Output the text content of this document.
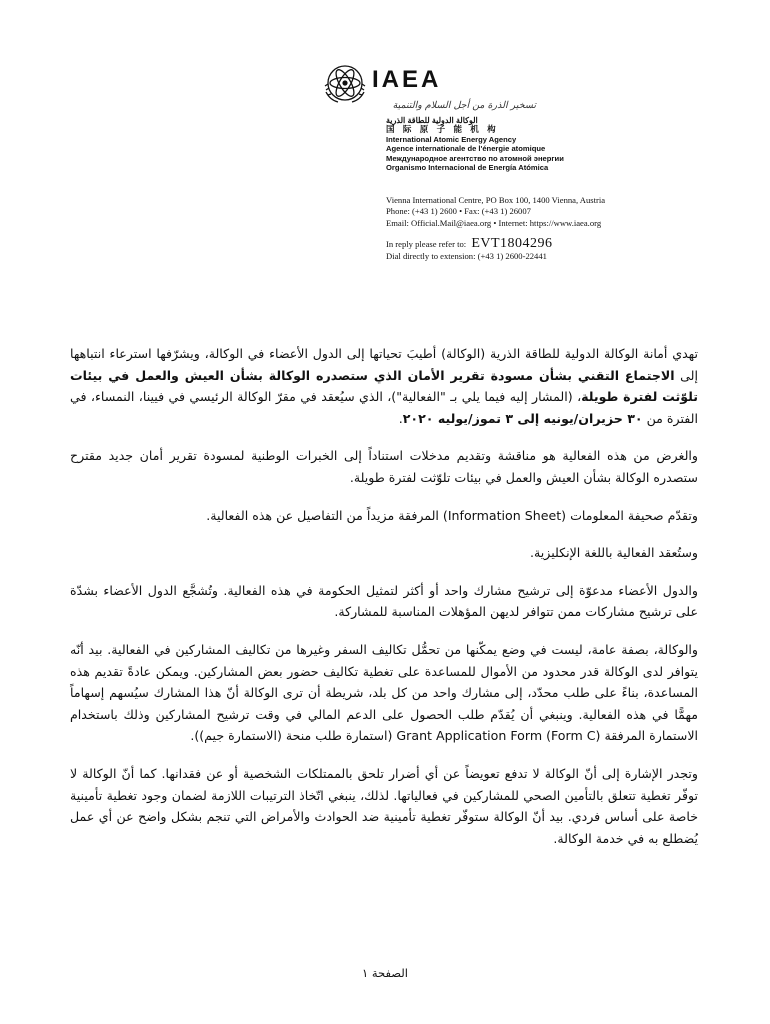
IAEA
تسخير الذرة من أجل السلام والتنمية
الوكالة الدولية للطاقة الذرية
国 际 原 子 能 机 构
International Atomic Energy Agency
Agence internationale de l'énergie atomique
Международное агентство по атомной энергии
Organismo Internacional de Energía Atómica
Vienna International Centre, PO Box 100, 1400 Vienna, Austria
Phone: (+43 1) 2600 • Fax: (+43 1) 26007
Email: Official.Mail@iaea.org • Internet: https://www.iaea.org
In reply please refer to: EVT1804296
Dial directly to extension: (+43 1) 2600-22441

تهدي أمانة الوكالة الدولية للطاقة الذرية (الوكالة) أطيبَ تحياتها إلى الدول الأعضاء في الوكالة، ويشرّفها استرعاء انتباهها إلى الاجتماع التقني بشأن مسودة تقرير الأمان الذي ستصدره الوكالة بشأن العيش والعمل في بيئات تلوّثت لفترة طويلة، (المشار إليه فيما يلي بـ "الفعالية")، الذي سيُعقد في مقرّ الوكالة الرئيسي في فيينا، النمساء، في الفترة من ٣٠ حزيران/يونيه إلى ٣ تموز/يوليه ٢٠٢٠.

والغرض من هذه الفعالية هو مناقشة وتقديم مدخلات استناداً إلى الخبرات الوطنية لمسودة تقرير أمان جديد مقترح ستصدره الوكالة بشأن العيش والعمل في بيئات تلوّثت لفترة طويلة.

وتقدّم صحيفة المعلومات (Information Sheet) المرفقة مزيداً من التفاصيل عن هذه الفعالية.

وستُعقد الفعالية باللغة الإنكليزية.

والدول الأعضاء مدعوّة إلى ترشيح مشارك واحد أو أكثر لتمثيل الحكومة في هذه الفعالية. وتُشجَّع الدول الأعضاء بشدّة على ترشيح مشاركات ممن تتوافر لديهن المؤهلات المناسبة للمشاركة.

والوكالة، بصفة عامة، ليست في وضع يمكّنها من تحمُّل تكاليف السفر وغيرها من تكاليف المشاركين في الفعالية. بيد أنّه يتوافر لدى الوكالة قدر محدود من الأموال للمساعدة على تغطية تكاليف حضور بعض المشاركين. ويمكن عادةً تقديم هذه المساعدة، بناءً على طلب محدّد، إلى مشارك واحد من كل بلد، شريطة أن ترى الوكالة أنّ هذا المشارك سيُسهم إسهاماً مهمًّا في هذه الفعالية. وينبغي أن يُقدّم طلب الحصول على الدعم المالي في وقت ترشيح المشاركين وذلك باستخدام الاستمارة المرفقة Grant Application Form (Form C) (استمارة طلب منحة (الاستمارة جيم)).

وتجدر الإشارة إلى أنّ الوكالة لا تدفع تعويضاً عن أي أضرار تلحق بالممتلكات الشخصية أو عن فقدانها. كما أنّ الوكالة لا توفّر تغطية تتعلق بالتأمين الصحي للمشاركين في فعالياتها. لذلك، ينبغي اتّخاذ الترتيبات اللازمة لضمان وجود تغطية تأمينية خاصة على أساس فردي. بيد أنّ الوكالة ستوفّر تغطية تأمينية ضد الحوادث والأمراض التي تنجم بشكل واضح عن أي عمل يُضطلع به في خدمة الوكالة.

الصفحة ١
